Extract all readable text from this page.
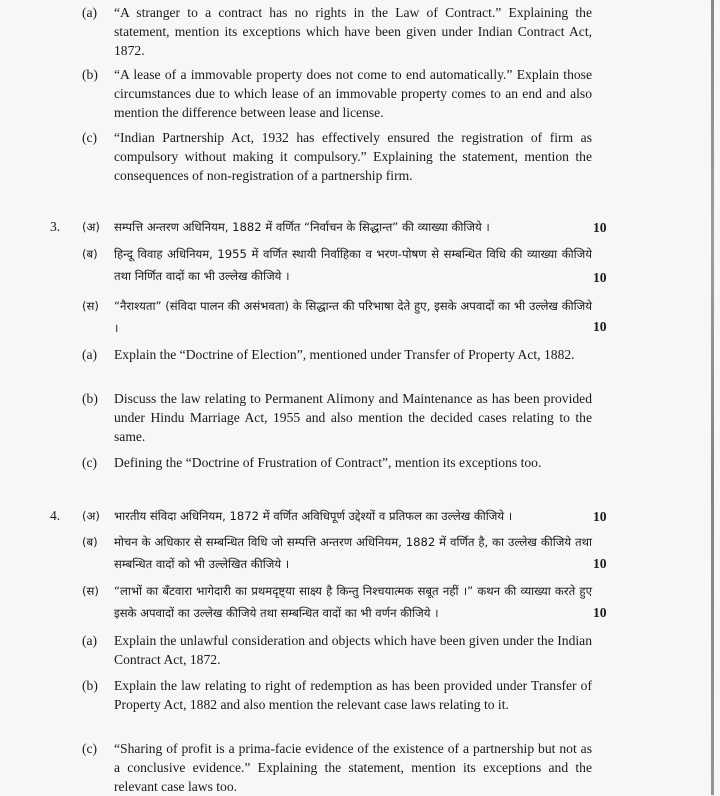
(a) “A stranger to a contract has no rights in the Law of Contract.” Explaining the statement, mention its exceptions which have been given under Indian Contract Act, 1872.
(b) “A lease of a immovable property does not come to end automatically.” Explain those circumstances due to which lease of an immovable property comes to an end and also mention the difference between lease and license.
(c) “Indian Partnership Act, 1932 has effectively ensured the registration of firm as compulsory without making it compulsory.” Explaining the statement, mention the consequences of non-registration of a partnership firm.
3. (अ) सम्पत्ति अन्तरण अधिनियम, 1882 में वर्णित “निर्वाचन के सिद्धान्त” की व्याख्या कीजिये ।	10
(ब) हिन्दू विवाह अधिनियम, 1955 में वर्णित स्थायी निर्वाहिका व भरण-पोषण से सम्बन्धित विधि की व्याख्या कीजिये तथा निर्णित वादों का भी उल्लेख कीजिये ।	10
(स) “नैराश्यता” (संविदा पालन की असंभवता) के सिद्धान्त की परिभाषा देते हुए, इसके अपवादों का भी उल्लेख कीजिये ।	10
(a) Explain the “Doctrine of Election”, mentioned under Transfer of Property Act, 1882.
(b) Discuss the law relating to Permanent Alimony and Maintenance as has been provided under Hindu Marriage Act, 1955 and also mention the decided cases relating to the same.
(c) Defining the “Doctrine of Frustration of Contract”, mention its exceptions too.
4. (अ) भारतीय संविदा अधिनियम, 1872 में वर्णित अविधिपूर्ण उद्देश्यों व प्रतिफल का उल्लेख कीजिये ।	10
(ब) मोचन के अधिकार से सम्बन्धित विधि जो सम्पत्ति अन्तरण अधिनियम, 1882 में वर्णित है, का उल्लेख कीजिये तथा सम्बन्धित वादों को भी उल्लेखित कीजिये ।	10
(स) “लाभों का बँटवारा भागेदारी का प्रथमदृष्ट्या साक्ष्य है किन्तु निश्चयात्मक सबूत नहीं ।” कथन की व्याख्या करते हुए इसके अपवादों का उल्लेख कीजिये तथा सम्बन्धित वादों का भी वर्णन कीजिये ।	10
(a) Explain the unlawful consideration and objects which have been given under the Indian Contract Act, 1872.
(b) Explain the law relating to right of redemption as has been provided under Transfer of Property Act, 1882 and also mention the relevant case laws relating to it.
(c) “Sharing of profit is a prima-facie evidence of the existence of a partnership but not as a conclusive evidence.” Explaining the statement, mention its exceptions and the relevant case laws too.
